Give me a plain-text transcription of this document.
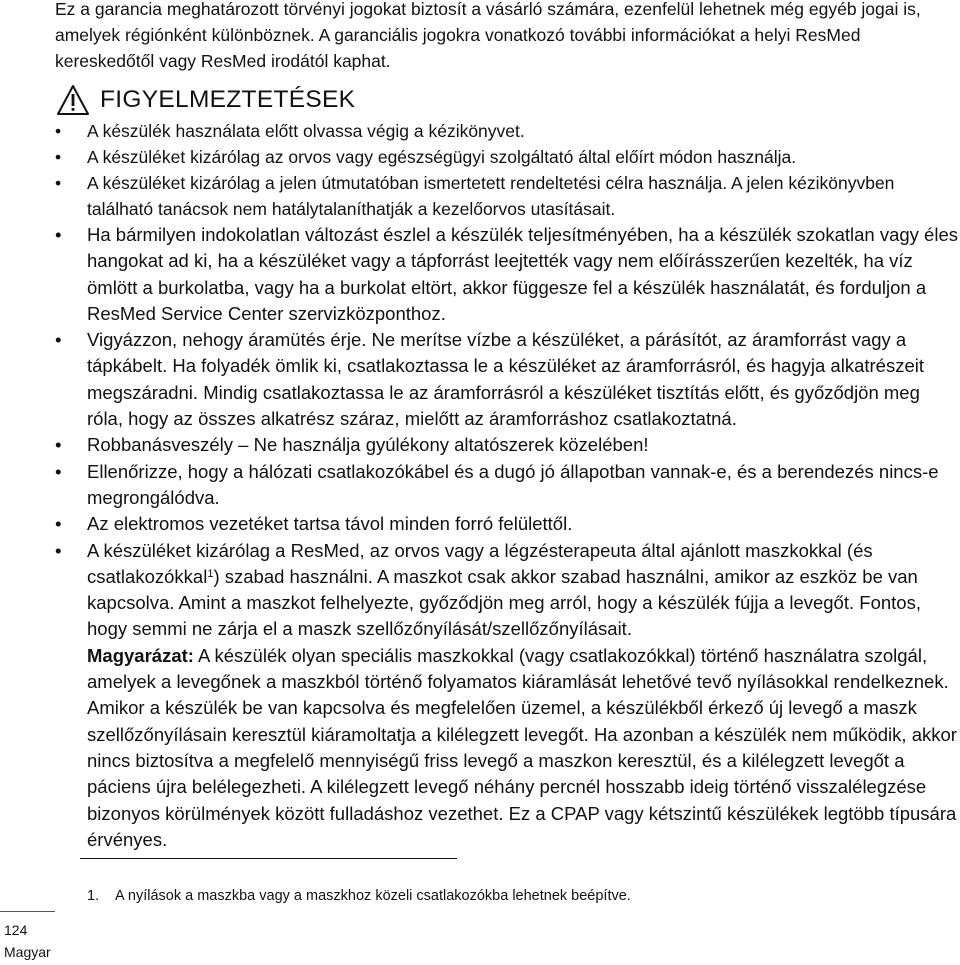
Ez a garancia meghatározott törvényi jogokat biztosít a vásárló számára, ezenfelül lehetnek még egyéb jogai is, amelyek régiónként különböznek. A garanciális jogokra vonatkozó további információkat a helyi ResMed kereskedőtől vagy ResMed irodától kaphat.

FIGYELMEZTETÉSEK
• A készülék használata előtt olvassa végig a kézikönyvet.
• A készüléket kizárólag az orvos vagy egészségügyi szolgáltató által előírt módon használja.
• A készüléket kizárólag a jelen útmutatóban ismertetett rendeltetési célra használja. A jelen kézikönyvben található tanácsok nem hatálytalaníthatják a kezelőorvos utasításait.
• Ha bármilyen indokolatlan változást észlel a készülék teljesítményében, ha a készülék szokatlan vagy éles hangokat ad ki, ha a készüléket vagy a tápforrást leejtették vagy nem előírásszerűen kezelték, ha víz ömlött a burkolatba, vagy ha a burkolat eltört, akkor függesze fel a készülék használatát, és forduljon a ResMed Service Center szervizközponthoz.
• Vigyázzon, nehogy áramütés érje. Ne merítse vízbe a készüléket, a párásítót, az áramforrást vagy a tápkábelt. Ha folyadék ömlik ki, csatlakoztassa le a készüléket az áramforrásról, és hagyja alkatrészeit megszáradni. Mindig csatlakoztassa le az áramforrásról a készüléket tisztítás előtt, és győződjön meg róla, hogy az összes alkatrész száraz, mielőtt az áramforráshoz csatlakoztatná.
• Robbanásveszély – Ne használja gyúlékony altatószerek közelében!
• Ellenőrizze, hogy a hálózati csatlakozókábel és a dugó jó állapotban vannak-e, és a berendezés nincs-e megrongálódva.
• Az elektromos vezetéket tartsa távol minden forró felülettől.
• A készüléket kizárólag a ResMed, az orvos vagy a légzésterapeuta által ajánlott maszkokkal (és csatlakozókkal$^1$) szabad használni. A maszkot csak akkor szabad használni, amikor az eszköz be van kapcsolva. Amint a maszkot felhelyezte, győződjön meg arról, hogy a készülék fújja a levegőt. Fontos, hogy semmi ne zárja el a maszk szellőzőnyílását/szellőzőnyílásait.
Magyarázat: A készülék olyan speciális maszkokkal (vagy csatlakozókkal) történő használatra szolgál, amelyek a levegőnek a maszkból történő folyamatos kiáramlását lehetővé tevő nyílásokkal rendelkeznek. Amikor a készülék be van kapcsolva és megfelelően üzemel, a készülékből érkező új levegő a maszk szellőzőnyílásain keresztül kiáramoltatja a kilélegzett levegőt. Ha azonban a készülék nem működik, akkor nincs biztosítva a megfelelő mennyiségű friss levegő a maszkon keresztül, és a kilélegzett levegőt a páciens újra belélegezheti. A kilélegzett levegő néhány percnél hosszabb ideig történő visszalélegzése bizonyos körülmények között fulladáshoz vezethet. Ez a CPAP vagy kétszintű készülékek legtöbb típusára érvényes.

1. A nyílások a maszkba vagy a maszkhoz közeli csatlakozókba lehetnek beépítve.

124
Magyar
